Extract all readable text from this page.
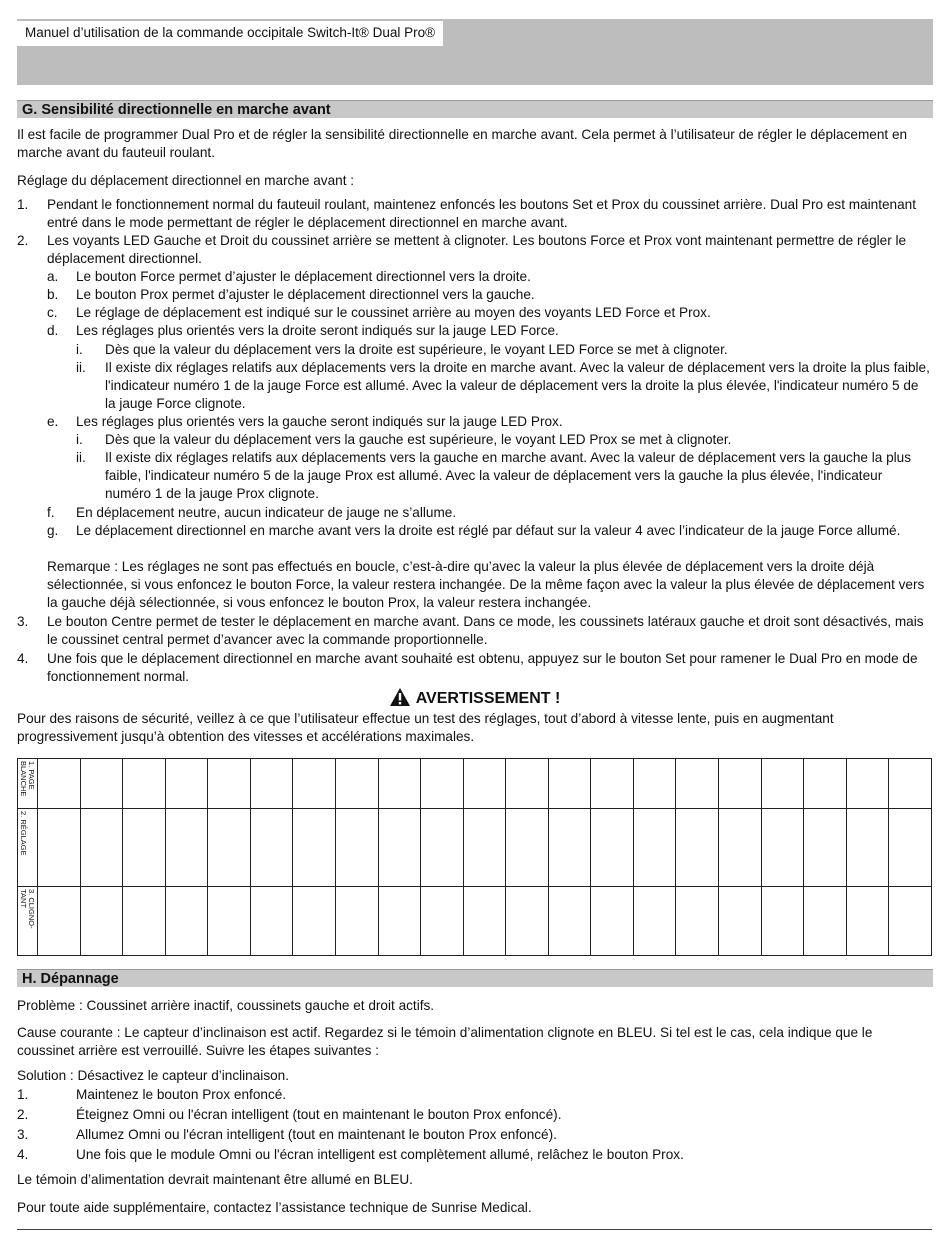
Manuel d’utilisation de la commande occipitale Switch-It® Dual Pro®
G. Sensibilité directionnelle en marche avant

Il est facile de programmer Dual Pro et de régler la sensibilité directionnelle en marche avant. Cela permet à l’utilisateur de régler le déplacement en marche avant du fauteuil roulant.

Réglage du déplacement directionnel en marche avant :

1.	Pendant le fonctionnement normal du fauteuil roulant, maintenez enfoncés les boutons Set et Prox du coussinet arrière. Dual Pro est maintenant entré dans le mode permettant de régler le déplacement directionnel en marche avant.

2.	Les voyants LED Gauche et Droit du coussinet arrière se mettent à clignoter. Les boutons Force et Prox vont maintenant permettre de régler le déplacement directionnel.

a.	Le bouton Force permet d’ajuster le déplacement directionnel vers la droite.

b.	Le bouton Prox permet d’ajuster le déplacement directionnel vers la gauche.

c.	Le réglage de déplacement est indiqué sur le coussinet arrière au moyen des voyants LED Force et Prox.

d.	Les réglages plus orientés vers la droite seront indiqués sur la jauge LED Force.

i.	Dès que la valeur du déplacement vers la droite est supérieure, le voyant LED Force se met à clignoter.

ii.	Il existe dix réglages relatifs aux déplacements vers la droite en marche avant. Avec la valeur de déplacement vers la droite la plus faible, l'indicateur numéro 1 de la jauge Force est allumé. Avec la valeur de déplacement vers la droite la plus élevée, l'indicateur numéro 5 de la jauge Force clignote.

e.	Les réglages plus orientés vers la gauche seront indiqués sur la jauge LED Prox.

i.	Dès que la valeur du déplacement vers la gauche est supérieure, le voyant LED Prox se met à clignoter.

ii.	Il existe dix réglages relatifs aux déplacements vers la gauche en marche avant. Avec la valeur de déplacement vers la gauche la plus faible, l'indicateur numéro 5 de la jauge Prox est allumé. Avec la valeur de déplacement vers la gauche la plus élevée, l'indicateur numéro 1 de la jauge Prox clignote.

f.	En déplacement neutre, aucun indicateur de jauge ne s’allume.

g.	Le déplacement directionnel en marche avant vers la droite est réglé par défaut sur la valeur 4 avec l’indicateur de la jauge Force allumé.

Remarque : Les réglages ne sont pas effectués en boucle, c’est-à-dire qu’avec la valeur la plus élevée de déplacement vers la droite déjà sélectionnée, si vous enfoncez le bouton Force, la valeur restera inchangée. De la même façon avec la valeur la plus élevée de déplacement vers la gauche déjà sélectionnée, si vous enfoncez le bouton Prox, la valeur restera inchangée.

3.	Le bouton Centre permet de tester le déplacement en marche avant. Dans ce mode, les coussinets latéraux gauche et droit sont désactivés, mais le coussinet central permet d’avancer avec la commande proportionnelle.

4.	Une fois que le déplacement directionnel en marche avant souhaité est obtenu, appuyez sur le bouton Set pour ramener le Dual Pro en mode de fonctionnement normal.

AVERTISSEMENT !

Pour des raisons de sécurité, veillez à ce que l’utilisateur effectue un test des réglages, tout d’abord à vitesse lente, puis en augmentant progressivement jusqu’à obtention des vitesses et accélérations maximales.

1. PAGE
BLANCHE																					

2. RÉGLAGE																					

3. CLIGNO-
TANT																					

H. Dépannage

Problème : Coussinet arrière inactif, coussinets gauche et droit actifs.

Cause courante : Le capteur d’inclinaison est actif. Regardez si le témoin d’alimentation clignote en BLEU. Si tel est le cas, cela indique que le coussinet arrière est verrouillé. Suivre les étapes suivantes :

Solution : Désactivez le capteur d’inclinaison.

1.	Maintenez le bouton Prox enfoncé.

2.	Éteignez Omni ou l'écran intelligent (tout en maintenant le bouton Prox enfoncé).

3.	Allumez Omni ou l'écran intelligent (tout en maintenant le bouton Prox enfoncé).

4.	Une fois que le module Omni ou l'écran intelligent est complètement allumé, relâchez le bouton Prox.

Le témoin d’alimentation devrait maintenant être allumé en BLEU.

Pour toute aide supplémentaire, contactez l’assistance technique de Sunrise Medical.
